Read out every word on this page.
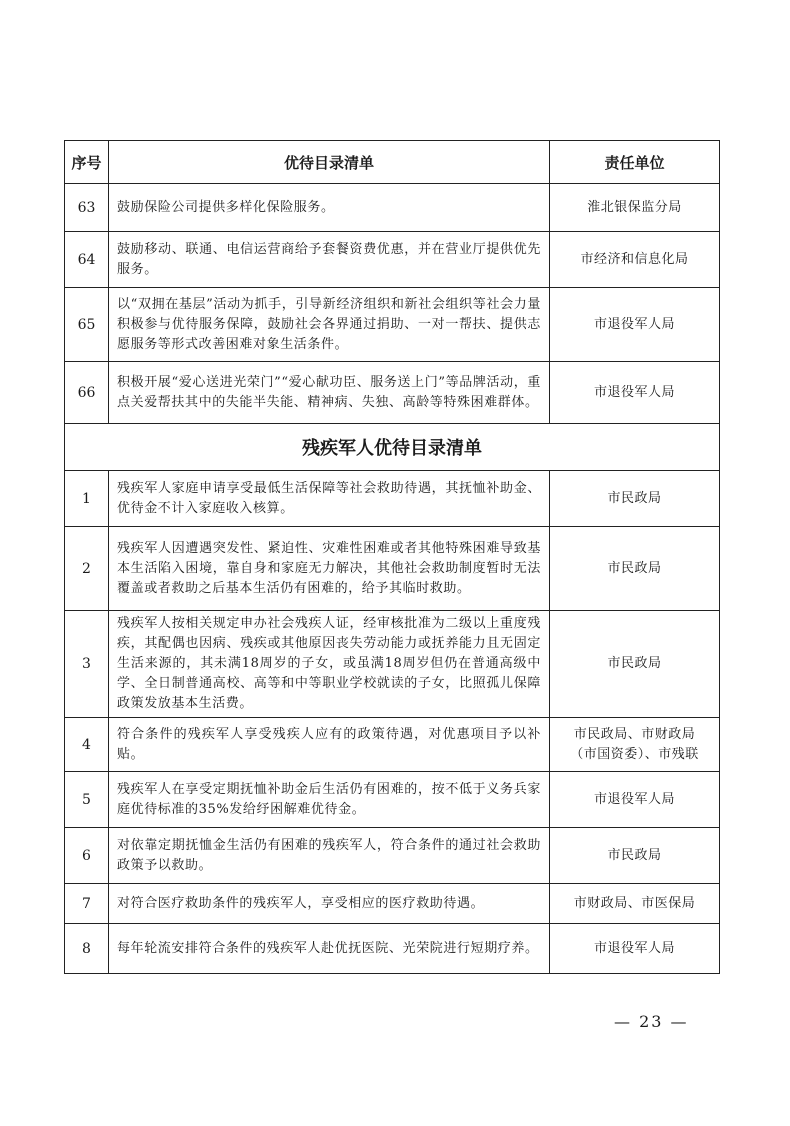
序号	优待目录清单	责任单位
63	鼓励保险公司提供多样化保险服务。	淮北银保监分局
64	鼓励移动、联通、电信运营商给予套餐资费优惠，并在营业厅提供优先服务。	市经济和信息化局
65	以“双拥在基层”活动为抓手，引导新经济组织和新社会组织等社会力量积极参与优待服务保障，鼓励社会各界通过捐助、一对一帮扶、提供志愿服务等形式改善困难对象生活条件。	市退役军人局
66	积极开展“爱心送进光荣门”“爱心献功臣、服务送上门”等品牌活动，重点关爱帮扶其中的失能半失能、精神病、失独、高龄等特殊困难群体。	市退役军人局
残疾军人优待目录清单		
1	残疾军人家庭申请享受最低生活保障等社会救助待遇，其抚恤补助金、优待金不计入家庭收入核算。	市民政局
2	残疾军人因遭遇突发性、紧迫性、灾难性困难或者其他特殊困难导致基本生活陷入困境，靠自身和家庭无力解决，其他社会救助制度暂时无法覆盖或者救助之后基本生活仍有困难的，给予其临时救助。	市民政局
3	残疾军人按相关规定申办社会残疾人证，经审核批准为二级以上重度残疾，其配偶也因病、残疾或其他原因丧失劳动能力或抚养能力且无固定生活来源的，其未满18周岁的子女，或虽满18周岁但仍在普通高级中学、全日制普通高校、高等和中等职业学校就读的子女，比照孤儿保障政策发放基本生活费。	市民政局
4	符合条件的残疾军人享受残疾人应有的政策待遇，对优惠项目予以补贴。	市民政局、市财政局
（市国资委）、市残联

5	残疾军人在享受定期抚恤补助金后生活仍有困难的，按不低于义务兵家庭优待标准的35%发给纾困解难优待金。	市退役军人局
6	对依靠定期抚恤金生活仍有困难的残疾军人，符合条件的通过社会救助政策予以救助。	市民政局
7	对符合医疗救助条件的残疾军人，享受相应的医疗救助待遇。	市财政局、市医保局
8	每年轮流安排符合条件的残疾军人赴优抚医院、光荣院进行短期疗养。	市退役军人局
— 23 —
